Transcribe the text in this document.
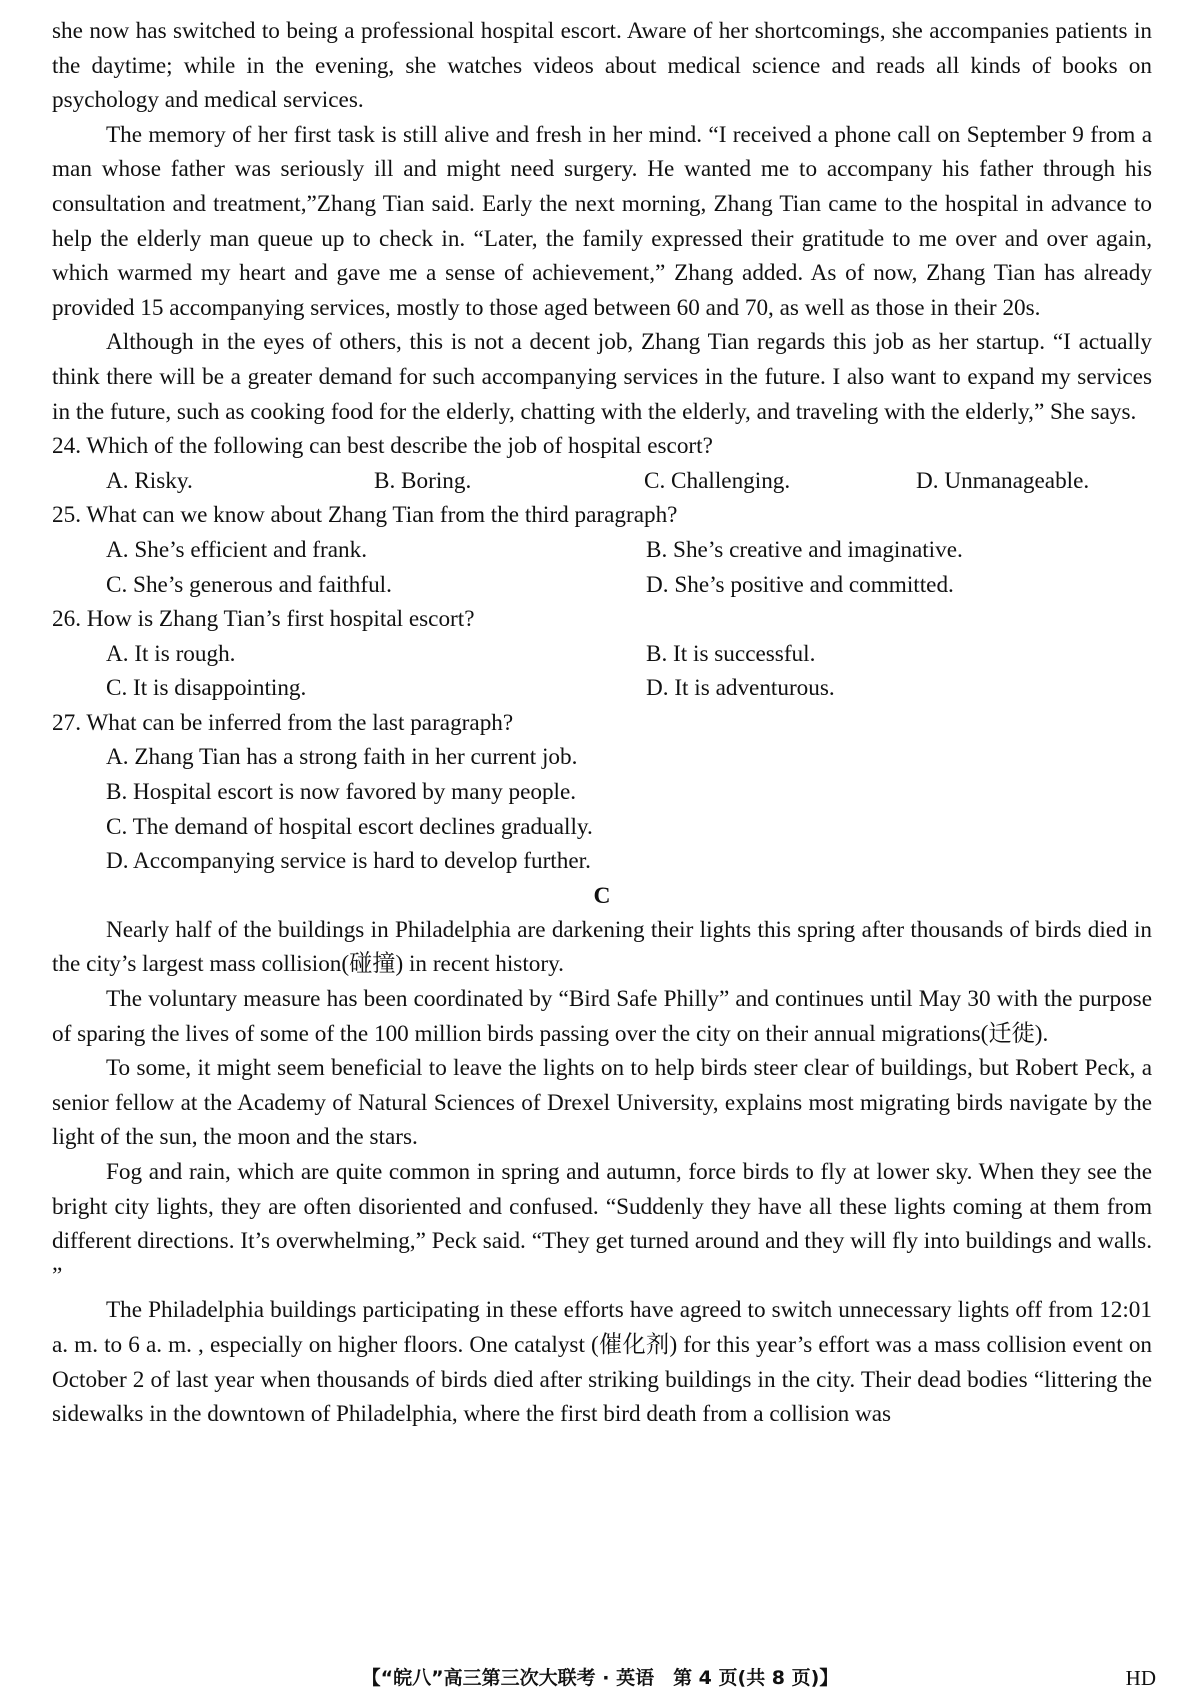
she now has switched to being a professional hospital escort. Aware of her shortcomings, she accompanies patients in the daytime; while in the evening, she watches videos about medical science and reads all kinds of books on psychology and medical services.

The memory of her first task is still alive and fresh in her mind. “I received a phone call on September 9 from a man whose father was seriously ill and might need surgery. He wanted me to accompany his father through his consultation and treatment,”Zhang Tian said. Early the next morning, Zhang Tian came to the hospital in advance to help the elderly man queue up to check in. “Later, the family expressed their gratitude to me over and over again, which warmed my heart and gave me a sense of achievement,” Zhang added. As of now, Zhang Tian has already provided 15 accompanying services, mostly to those aged between 60 and 70, as well as those in their 20s.

Although in the eyes of others, this is not a decent job, Zhang Tian regards this job as her startup. “I actually think there will be a greater demand for such accompanying services in the future. I also want to expand my services in the future, such as cooking food for the elderly, chatting with the elderly, and traveling with the elderly,” She says.

24. Which of the following can best describe the job of hospital escort?
A. Risky.	B. Boring.	C. Challenging.	D. Unmanageable.
25. What can we know about Zhang Tian from the third paragraph?
A. She’s efficient and frank.	B. She’s creative and imaginative.
C. She’s generous and faithful.	D. She’s positive and committed.
26. How is Zhang Tian’s first hospital escort?
A. It is rough.	B. It is successful.
C. It is disappointing.	D. It is adventurous.
27. What can be inferred from the last paragraph?
A. Zhang Tian has a strong faith in her current job.
B. Hospital escort is now favored by many people.
C. The demand of hospital escort declines gradually.
D. Accompanying service is hard to develop further.
C

Nearly half of the buildings in Philadelphia are darkening their lights this spring after thousands of birds died in the city’s largest mass collision(碰撞) in recent history.

The voluntary measure has been coordinated by “Bird Safe Philly” and continues until May 30 with the purpose of sparing the lives of some of the 100 million birds passing over the city on their annual migrations(迁徙).

To some, it might seem beneficial to leave the lights on to help birds steer clear of buildings, but Robert Peck, a senior fellow at the Academy of Natural Sciences of Drexel University, explains most migrating birds navigate by the light of the sun, the moon and the stars.

Fog and rain, which are quite common in spring and autumn, force birds to fly at lower sky. When they see the bright city lights, they are often disoriented and confused. “Suddenly they have all these lights coming at them from different directions. It’s overwhelming,” Peck said. “They get turned around and they will fly into buildings and walls. ”

The Philadelphia buildings participating in these efforts have agreed to switch unnecessary lights off from 12:01 a. m. to 6 a. m. , especially on higher floors. One catalyst (催化剂) for this year’s effort was a mass collision event on October 2 of last year when thousands of birds died after striking buildings in the city. Their dead bodies “littering the sidewalks in the downtown of Philadelphia, where the first bird death from a collision was

【“皖八”高三第三次大联考 · 英语　第 4 页(共 8 页)】	HD
